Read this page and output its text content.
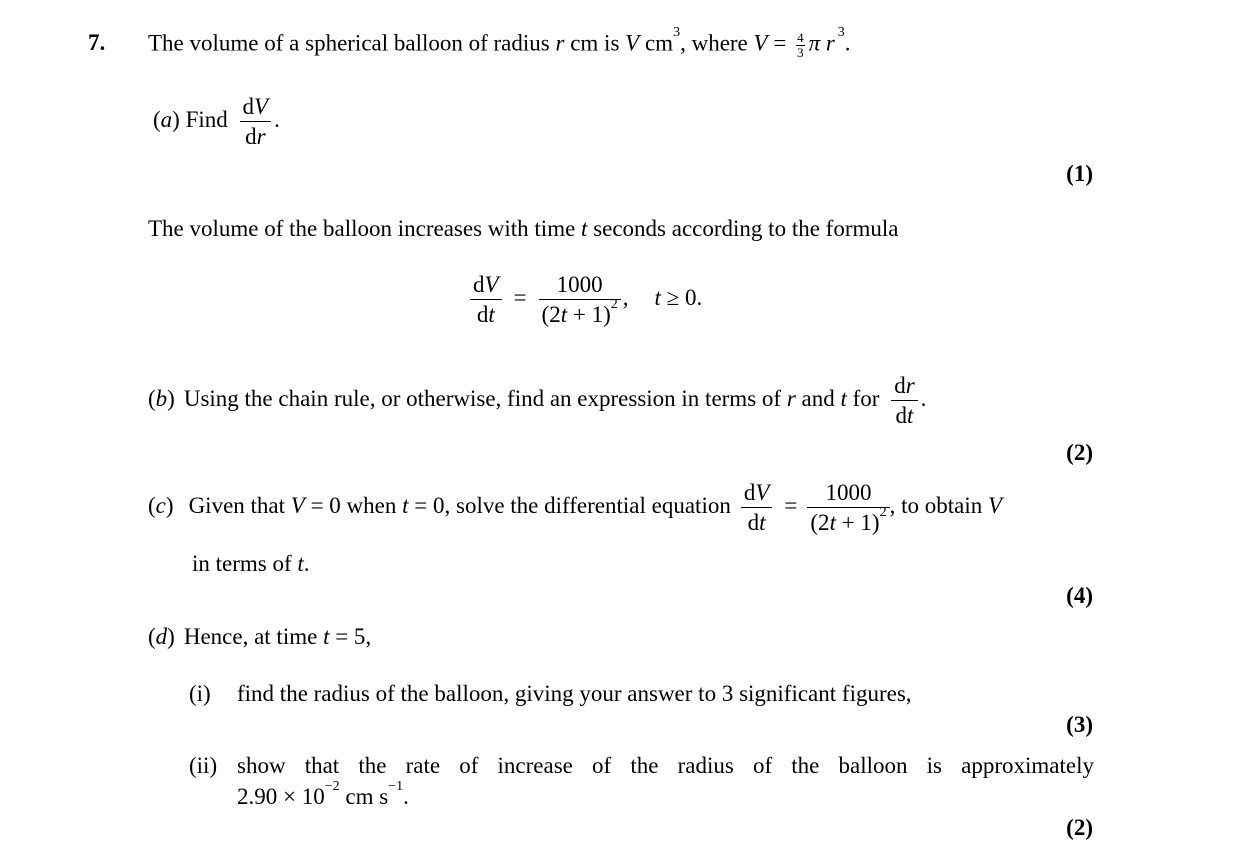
7. The volume of a spherical balloon of radius r cm is V $cm^3$, where $V = \frac{4}{3}$ π r $^3$.
(a) Find $\frac{dV}{dr}$ .
(1)
The volume of the balloon increases with time t seconds according to the formula
$\frac{dV}{dt} = \frac{1000}{(2t + 1)^2}$ , t ≥ 0.
(b) Using the chain rule, or otherwise, find an expression in terms of r and t for $\frac{dr}{dt}$ .
(2)
(c) Given that V = 0 when t = 0, solve the differential equation $\frac{dV}{dt} = \frac{1000}{(2t + 1)^2}$ , to obtain V
in terms of t.
(4)
(d) Hence, at time t = 5,
(i) find the radius of the balloon, giving your answer to 3 significant figures,
(3)
(ii) show that the rate of increase of the radius of the balloon is approximately
$2.90 \times 10^{-2}$ cm $s^{-1}$.
(2)
